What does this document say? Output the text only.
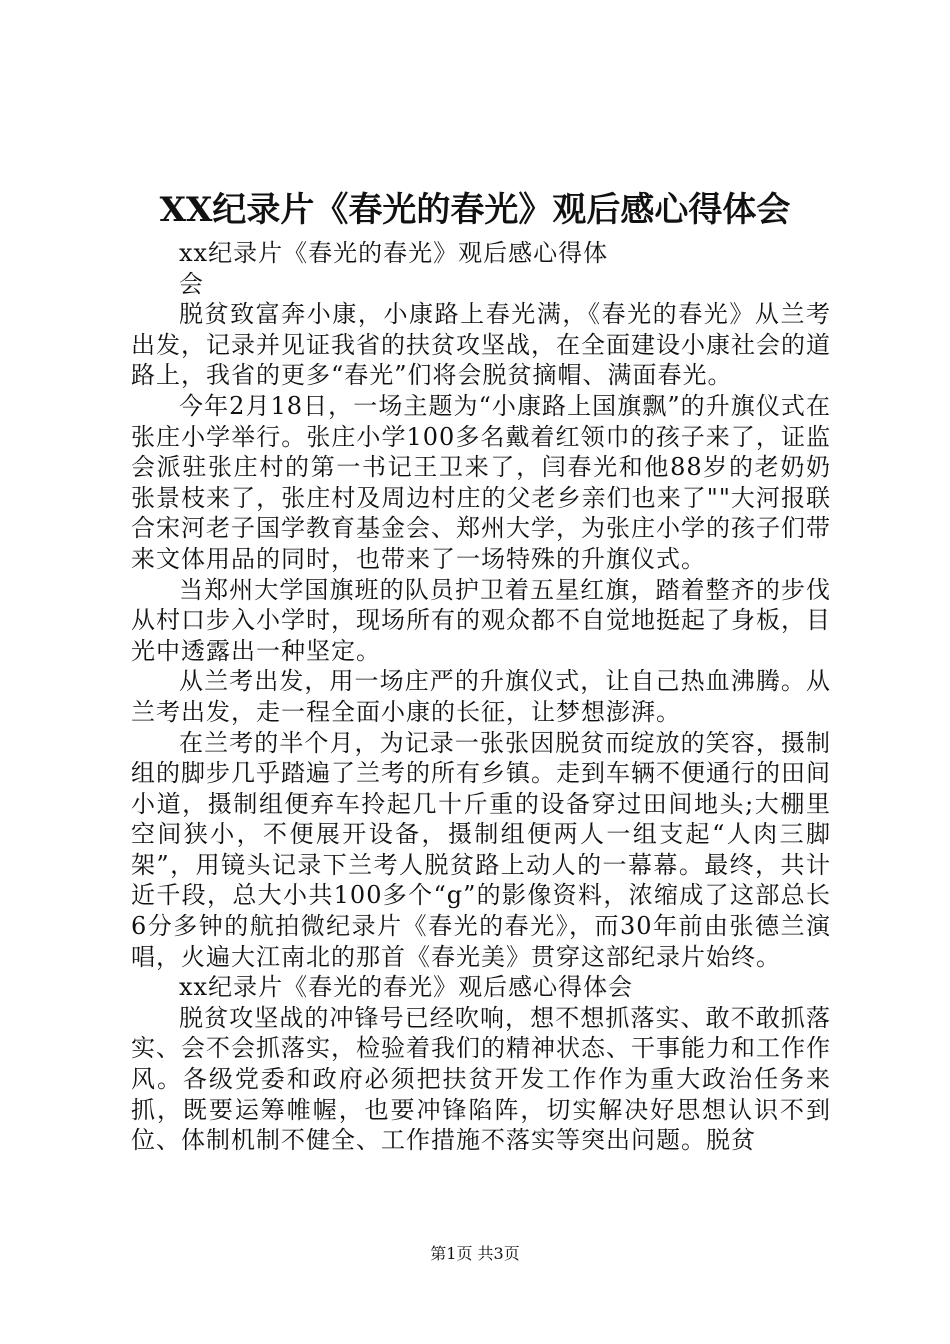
XX纪录片《春光的春光》观后感心得体会

xx纪录片《春光的春光》观后感心得体
会

脱贫致富奔小康，小康路上春光满，《春光的春光》从兰考出发，记录并见证我省的扶贫攻坚战，在全面建设小康社会的道路上，我省的更多“春光”们将会脱贫摘帽、满面春光。

今年2月18日，一场主题为“小康路上国旗飘”的升旗仪式在张庄小学举行。张庄小学100多名戴着红领巾的孩子来了，证监会派驻张庄村的第一书记王卫来了，闫春光和他88岁的老奶奶张景枝来了，张庄村及周边村庄的父老乡亲们也来了""大河报联合宋河老子国学教育基金会、郑州大学，为张庄小学的孩子们带来文体用品的同时，也带来了一场特殊的升旗仪式。

当郑州大学国旗班的队员护卫着五星红旗，踏着整齐的步伐从村口步入小学时，现场所有的观众都不自觉地挺起了身板，目光中透露出一种坚定。

从兰考出发，用一场庄严的升旗仪式，让自己热血沸腾。从兰考出发，走一程全面小康的长征，让梦想澎湃。

在兰考的半个月，为记录一张张因脱贫而绽放的笑容，摄制组的脚步几乎踏遍了兰考的所有乡镇。走到车辆不便通行的田间小道，摄制组便弃车拎起几十斤重的设备穿过田间地头;大棚里空间狭小，不便展开设备，摄制组便两人一组支起“人肉三脚架”，用镜头记录下兰考人脱贫路上动人的一幕幕。最终，共计近千段，总大小共100多个“g”的影像资料，浓缩成了这部总长6分多钟的航拍微纪录片《春光的春光》，而30年前由张德兰演唱，火遍大江南北的那首《春光美》贯穿这部纪录片始终。

xx纪录片《春光的春光》观后感心得体会

脱贫攻坚战的冲锋号已经吹响，想不想抓落实、敢不敢抓落实、会不会抓落实，检验着我们的精神状态、干事能力和工作作风。各级党委和政府必须把扶贫开发工作作为重大政治任务来抓，既要运筹帷幄，也要冲锋陷阵，切实解决好思想认识不到位、体制机制不健全、工作措施不落实等突出问题。脱贫

第1页 共3页
